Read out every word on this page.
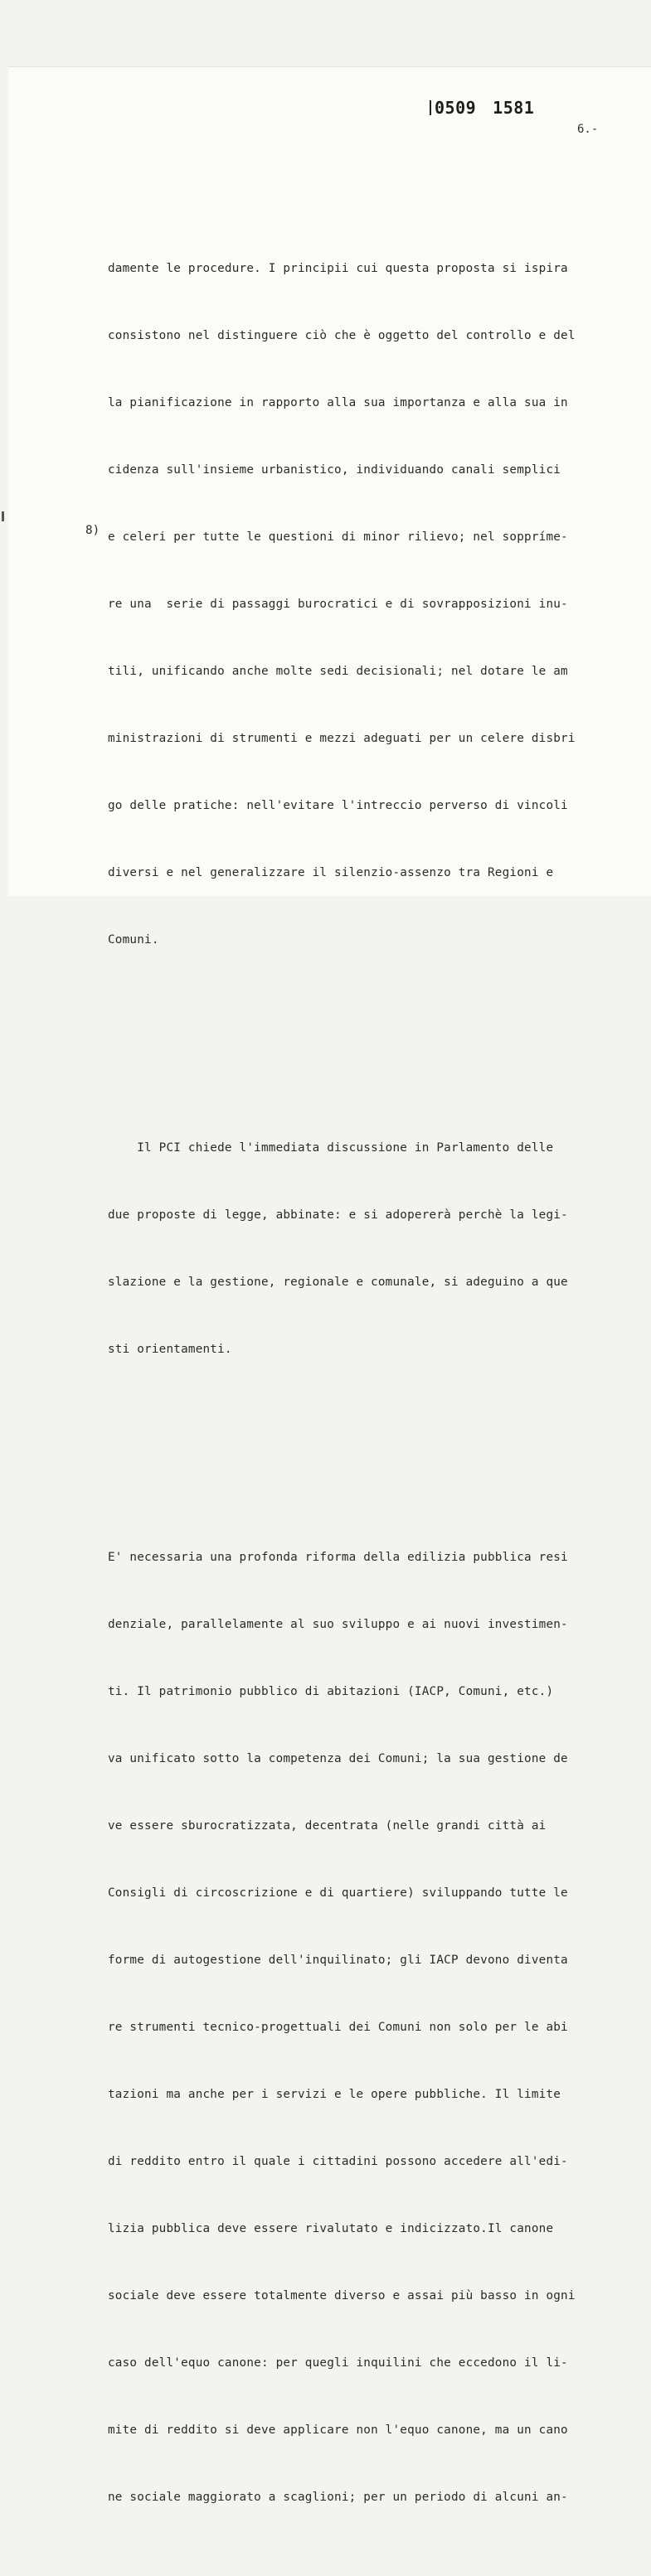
0509 1581
6.-
8)

damente le procedure. I principii cui questa proposta si ispira

consistono nel distinguere ciò che è oggetto del controllo e del

la pianificazione in rapporto alla sua importanza e alla sua in

cidenza sull'insieme urbanistico, individuando canali semplici

e celeri per tutte le questioni di minor rilievo; nel soppríme-

re una  serie di passaggi burocratici e di sovrapposizioni inu-

tili, unificando anche molte sedi decisionali; nel dotare le am

ministrazioni di strumenti e mezzi adeguati per un celere disbri

go delle pratiche: nell'evitare l'intreccio perverso di vincoli

diversi e nel generalizzare il silenzio-assenzo tra Regioni e

Comuni.

Il PCI chiede l'immediata discussione in Parlamento delle

due proposte di legge, abbinate: e si adopererà perchè la legi-

slazione e la gestione, regionale e comunale, si adeguino a que

sti orientamenti.

E' necessaria una profonda riforma della edilizia pubblica resi

denziale, parallelamente al suo sviluppo e ai nuovi investimen-

ti. Il patrimonio pubblico di abitazioni (IACP, Comuni, etc.)

va unificato sotto la competenza dei Comuni; la sua gestione de

ve essere sburocratizzata, decentrata (nelle grandi città ai

Consigli di circoscrizione e di quartiere) sviluppando tutte le

forme di autogestione dell'inquilinato; gli IACP devono diventa

re strumenti tecnico-progettuali dei Comuni non solo per le abi

tazioni ma anche per i servizi e le opere pubbliche. Il limite

di reddito entro il quale i cittadini possono accedere all'edi-

lizia pubblica deve essere rivalutato e indicizzato.Il canone

sociale deve essere totalmente diverso e assai più basso in ogni

caso dell'equo canone: per quegli inquilini che eccedono il li-

mite di reddito si deve applicare non l'equo canone, ma un cano

ne sociale maggiorato a scaglioni; per un periodo di alcuni an-
